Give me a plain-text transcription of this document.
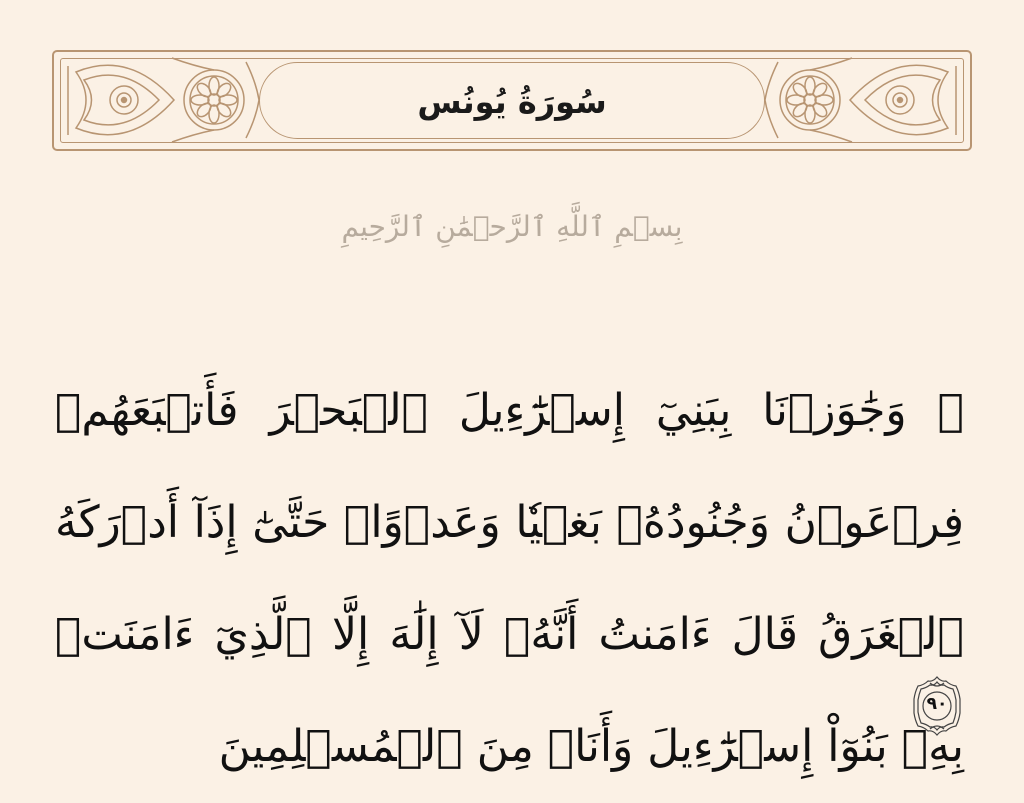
سُورَةُ يُونُس
بِسۡمِ ٱللَّهِ ٱلرَّحۡمَٰنِ ٱلرَّحِيمِ
۞ وَجَٰوَزۡنَا بِبَنِيٓ إِسۡرَٰٓءِيلَ ٱلۡبَحۡرَ فَأَتۡبَعَهُمۡ فِرۡعَوۡنُ وَجُنُودُهُۥ بَغۡيٗا وَعَدۡوًاۖ حَتَّىٰٓ إِذَآ أَدۡرَكَهُ ٱلۡغَرَقُ قَالَ ءَامَنتُ أَنَّهُۥ لَآ إِلَٰهَ إِلَّا ٱلَّذِيٓ ءَامَنَتۡ بِهِۦ بَنُوٓاْ إِسۡرَٰٓءِيلَ وَأَنَا۠ مِنَ ٱلۡمُسۡلِمِينَ
٩٠
